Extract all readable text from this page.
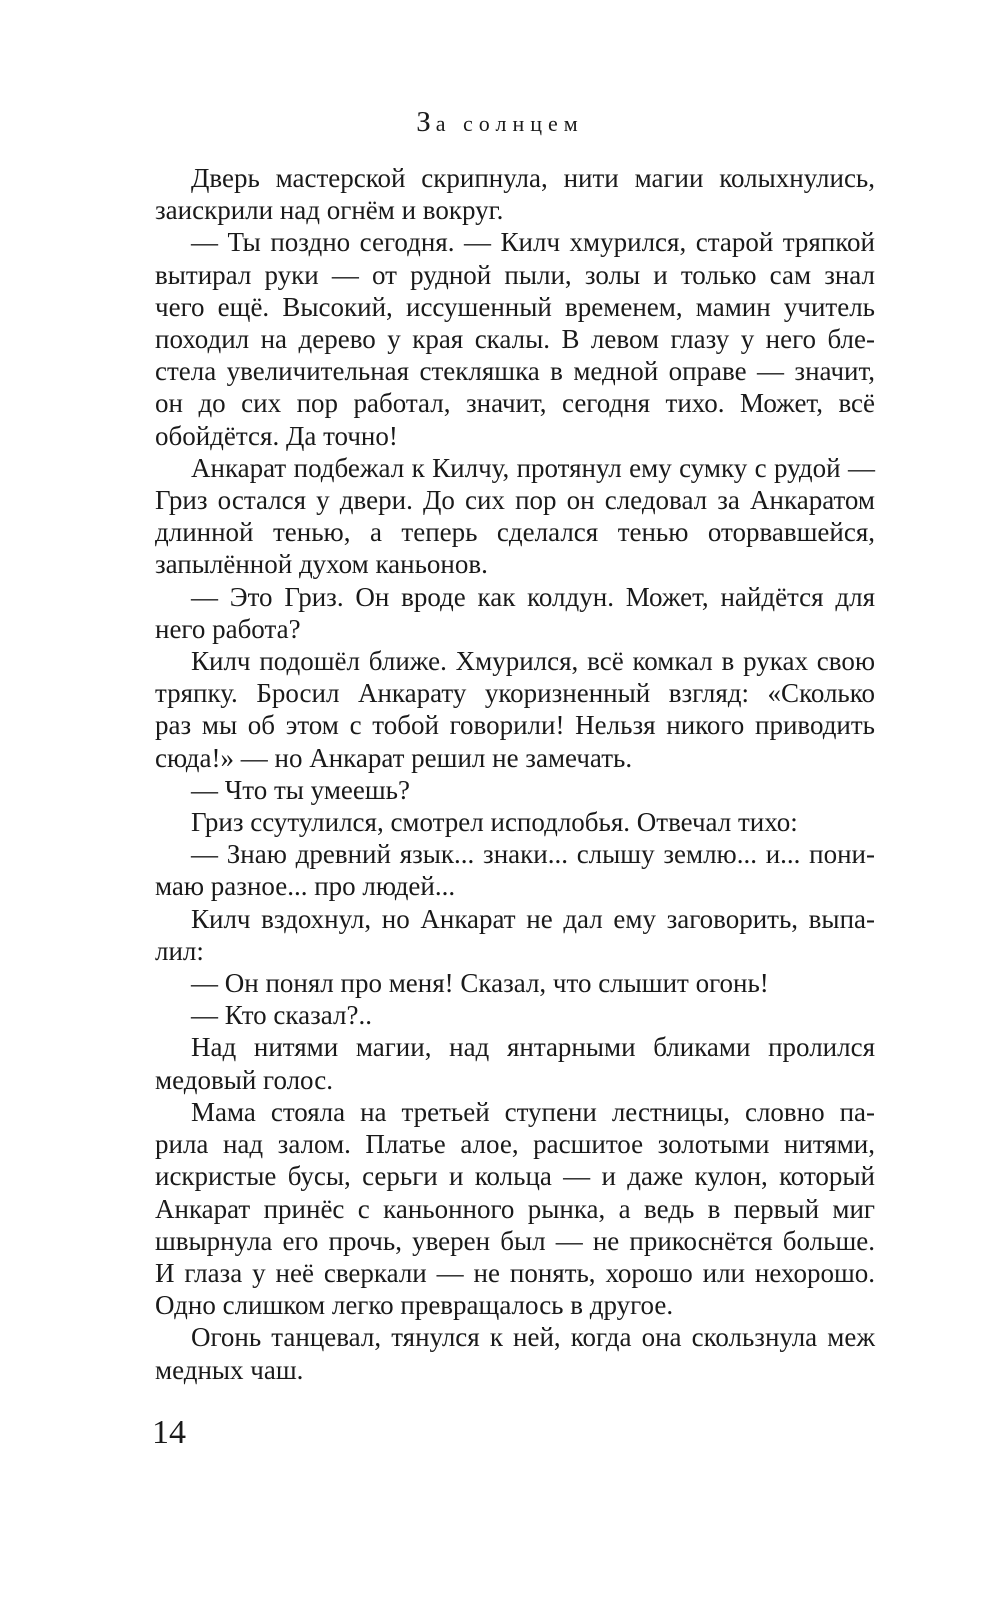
За солнцем
Дверь мастерской скрипнула, нити магии колыхнулись,
заискрили над огнём и вокруг.
— Ты поздно сегодня. — Килч хмурился, старой тряпкой
вытирал руки — от рудной пыли, золы и только сам знал
чего ещё. Высокий, иссушенный временем, мамин учитель
походил на дерево у края скалы. В левом глазу у него бле-
стела увеличительная стекляшка в медной оправе — значит,
он до сих пор работал, значит, сегодня тихо. Может, всё
обойдётся. Да точно!
Анкарат подбежал к Килчу, протянул ему сумку с рудой —
Гриз остался у двери. До сих пор он следовал за Анкаратом
длинной тенью, а теперь сделался тенью оторвавшейся,
запылённой духом каньонов.
— Это Гриз. Он вроде как колдун. Может, найдётся для
него работа?
Килч подошёл ближе. Хмурился, всё комкал в руках свою
тряпку. Бросил Анкарату укоризненный взгляд: «Сколько
раз мы об этом с тобой говорили! Нельзя никого приводить
сюда!» — но Анкарат решил не замечать.
— Что ты умеешь?
Гриз ссутулился, смотрел исподлобья. Отвечал тихо:
— Знаю древний язык... знаки... слышу землю... и... пони-
маю разное... про людей...
Килч вздохнул, но Анкарат не дал ему заговорить, выпа-
лил:
— Он понял про меня! Сказал, что слышит огонь!
— Кто сказал?..
Над нитями магии, над янтарными бликами пролился
медовый голос.
Мама стояла на третьей ступени лестницы, словно па-
рила над залом. Платье алое, расшитое золотыми нитями,
искристые бусы, серьги и кольца — и даже кулон, который
Анкарат принёс с каньонного рынка, а ведь в первый миг
швырнула его прочь, уверен был — не прикоснётся больше.
И глаза у неё сверкали — не понять, хорошо или нехорошо.
Одно слишком легко превращалось в другое.
Огонь танцевал, тянулся к ней, когда она скользнула меж
медных чаш.
14
